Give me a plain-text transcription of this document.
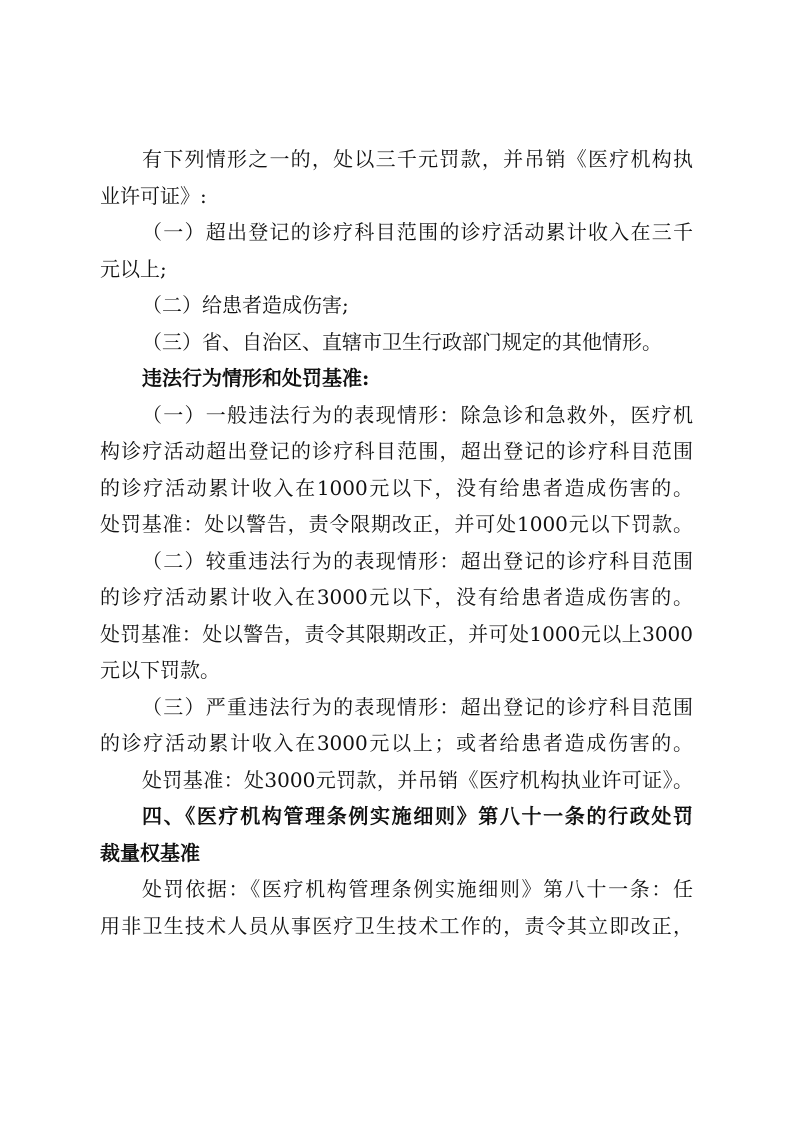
有下列情形之一的，处以三千元罚款，并吊销《医疗机构执
业许可证》:
（一）超出登记的诊疗科目范围的诊疗活动累计收入在三千
元以上;
（二）给患者造成伤害;
（三）省、自治区、直辖市卫生行政部门规定的其他情形。
违法行为情形和处罚基准:
（一）一般违法行为的表现情形：除急诊和急救外，医疗机
构诊疗活动超出登记的诊疗科目范围，超出登记的诊疗科目范围
的诊疗活动累计收入在1000元以下，没有给患者造成伤害的。
处罚基准：处以警告，责令限期改正，并可处1000元以下罚款。
（二）较重违法行为的表现情形：超出登记的诊疗科目范围
的诊疗活动累计收入在3000元以下，没有给患者造成伤害的。
处罚基准：处以警告，责令其限期改正，并可处1000元以上3000
元以下罚款。
（三）严重违法行为的表现情形：超出登记的诊疗科目范围
的诊疗活动累计收入在3000元以上；或者给患者造成伤害的。
处罚基准：处3000元罚款，并吊销《医疗机构执业许可证》。
四、《医疗机构管理条例实施细则》第八十一条的行政处罚
裁量权基准
处罚依据：《医疗机构管理条例实施细则》第八十一条：任
用非卫生技术人员从事医疗卫生技术工作的，责令其立即改正，
